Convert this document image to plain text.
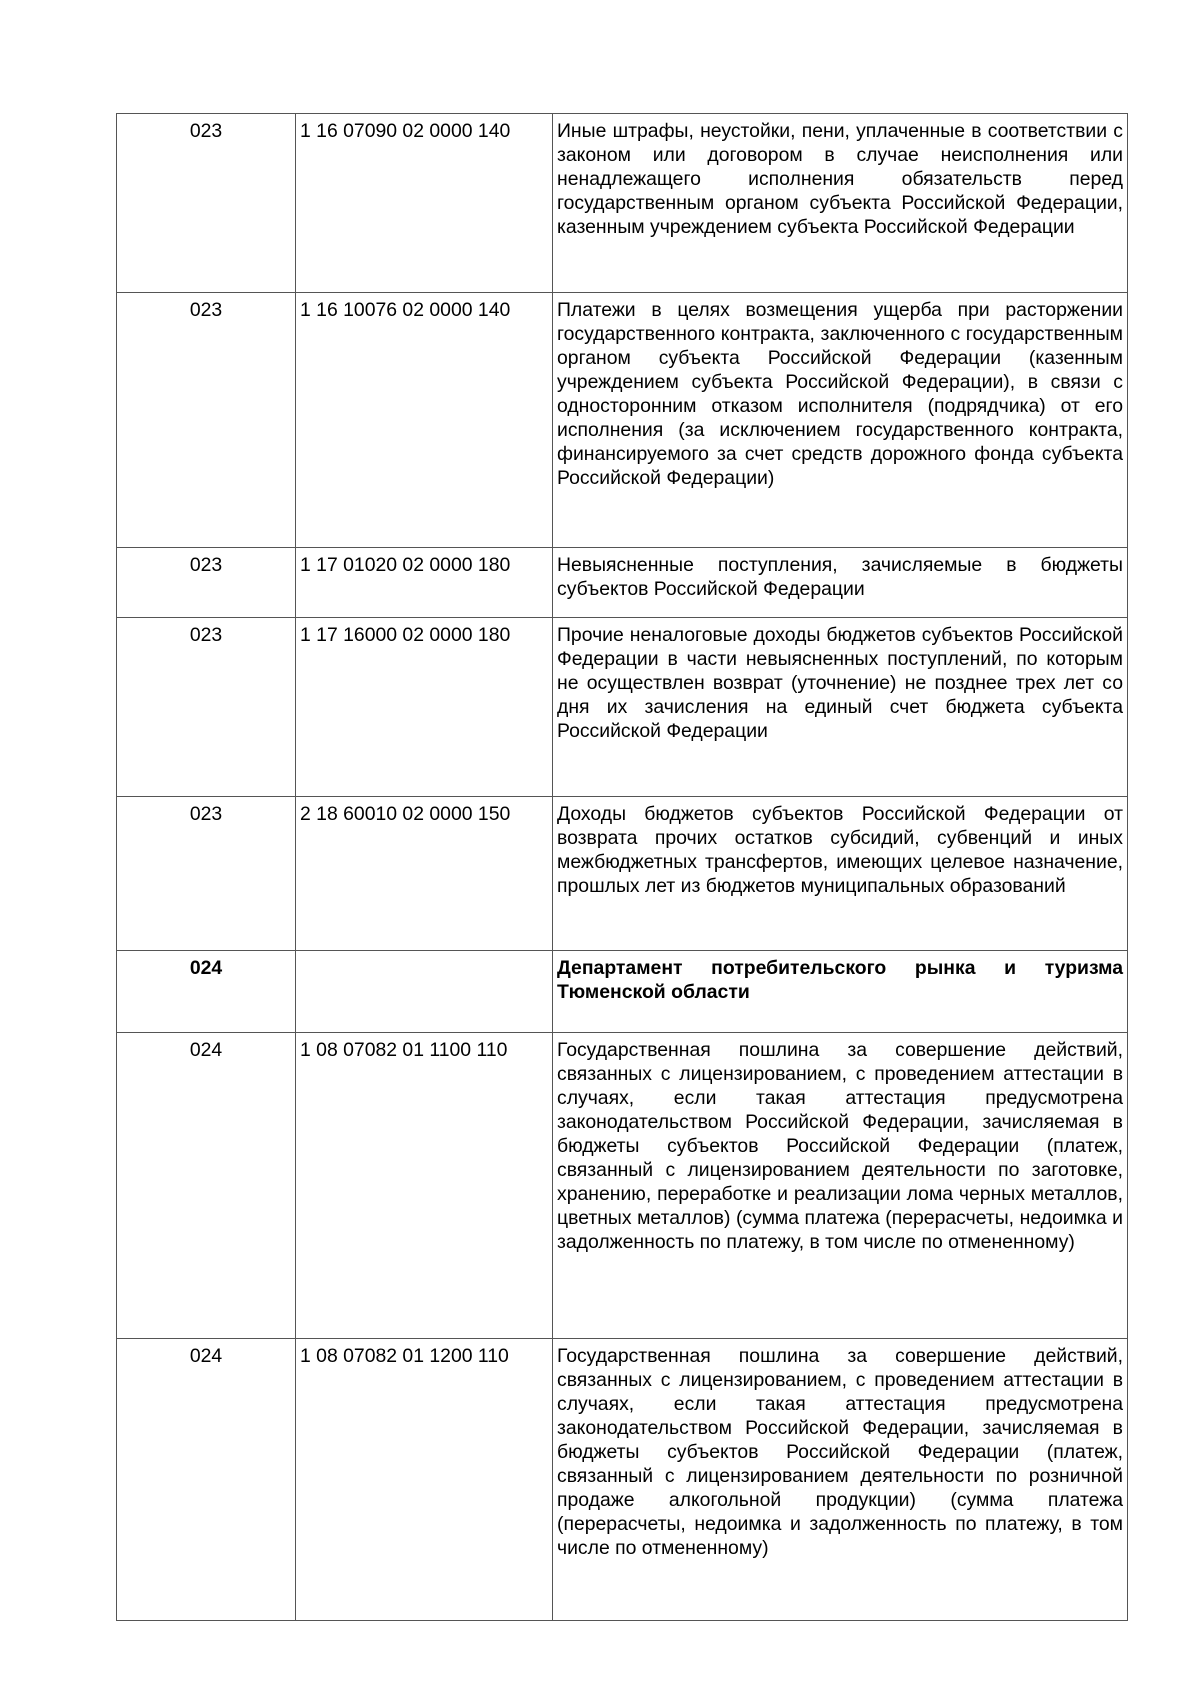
023	1 16 07090 02 0000 140	Иные штрафы, неустойки, пени, уплаченные в соответствии с законом или договором в случае неисполнения или ненадлежащего исполнения обязательств перед государственным органом субъекта Российской Федерации, казенным учреждением субъекта Российской Федерации
023	1 16 10076 02 0000 140	Платежи в целях возмещения ущерба при расторжении государственного контракта, заключенного с государственным органом субъекта Российской Федерации (казенным учреждением субъекта Российской Федерации), в связи с односторонним отказом исполнителя (подрядчика) от его исполнения (за исключением государственного контракта, финансируемого за счет средств дорожного фонда субъекта Российской Федерации)
023	1 17 01020 02 0000 180	Невыясненные поступления, зачисляемые в бюджеты субъектов Российской Федерации
023	1 17 16000 02 0000 180	Прочие неналоговые доходы бюджетов субъектов Российской Федерации в части невыясненных поступлений, по которым не осуществлен возврат (уточнение) не позднее трех лет со дня их зачисления на единый счет бюджета субъекта Российской Федерации
023	2 18 60010 02 0000 150	Доходы бюджетов субъектов Российской Федерации от возврата прочих остатков субсидий, субвенций и иных межбюджетных трансфертов, имеющих целевое назначение, прошлых лет из бюджетов муниципальных образований
024		Департамент потребительского рынка и туризма Тюменской области
024	1 08 07082 01 1100 110	Государственная пошлина за совершение действий, связанных с лицензированием, с проведением аттестации в случаях, если такая аттестация предусмотрена законодательством Российской Федерации, зачисляемая в бюджеты субъектов Российской Федерации (платеж, связанный с лицензированием деятельности по заготовке, хранению, переработке и реализации лома черных металлов, цветных металлов) (сумма платежа (перерасчеты, недоимка и задолженность по платежу, в том числе по отмененному)
024	1 08 07082 01 1200 110	Государственная пошлина за совершение действий, связанных с лицензированием, с проведением аттестации в случаях, если такая аттестация предусмотрена законодательством Российской Федерации, зачисляемая в бюджеты субъектов Российской Федерации (платеж, связанный с лицензированием деятельности по розничной продаже алкогольной продукции) (сумма платежа (перерасчеты, недоимка и задолженность по платежу, в том числе по отмененному)
